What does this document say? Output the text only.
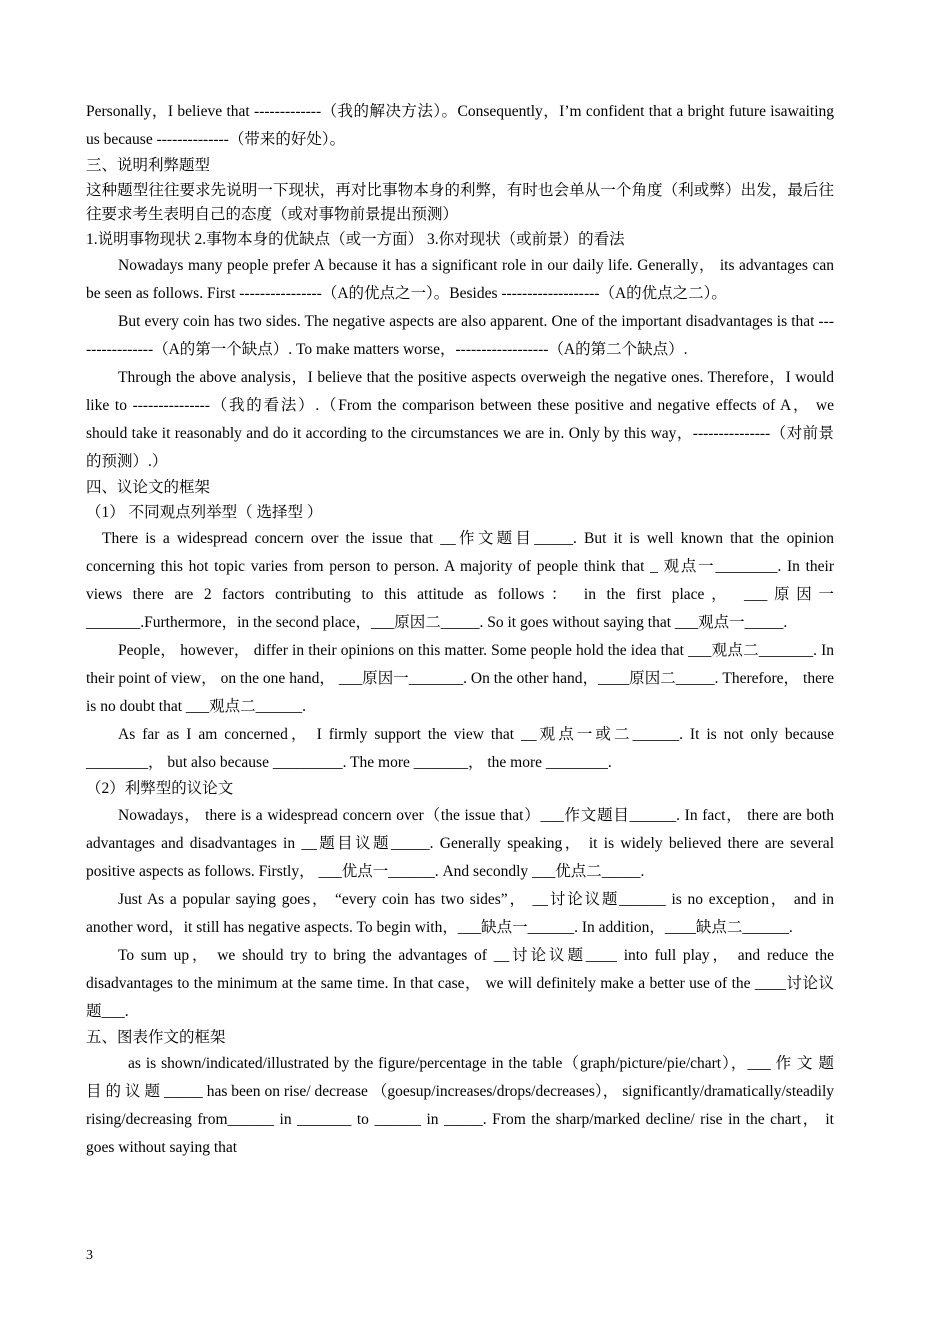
Personally，I believe that -------------（我的解决方法）。Consequently，I’m confident that a bright future isawaiting us because --------------（带来的好处）。

三、说明利弊题型

这种题型往往要求先说明一下现状，再对比事物本身的利弊，有时也会单从一个角度（利或弊）出发，最后往往要求考生表明自己的态度（或对事物前景提出预测）

1.说明事物现状 2.事物本身的优缺点（或一方面） 3.你对现状（或前景）的看法

Nowadays many people prefer A because it has a significant role in our daily life. Generally， its advantages can be seen as follows. First ----------------（A的优点之一）。Besides -------------------（A的优点之二）。

But every coin has two sides. The negative aspects are also apparent. One of the important disadvantages is that ----------------（A的第一个缺点）. To make matters worse，------------------（A的第二个缺点）.

Through the above analysis，I believe that the positive aspects overweigh the negative ones. Therefore，I would like to ---------------（我的看法）.（From the comparison between these positive and negative effects of A， we should take it reasonably and do it according to the circumstances we are in. Only by this way，---------------（对前景的预测）.）

四、议论文的框架

（1） 不同观点列举型（ 选择型 ）

There is a widespread concern over the issue that __作文题目_____. But it is well known that the opinion concerning this hot topic varies from person to person. A majority of people think that _ 观点一________. In their views there are 2 factors contributing to this attitude as follows： in the first place， ___原因一_______.Furthermore，in the second place，___原因二_____. So it goes without saying that ___观点一_____.

People， however， differ in their opinions on this matter. Some people hold the idea that ___观点二_______. In their point of view， on the one hand， ___原因一_______. On the other hand，____原因二_____. Therefore， there is no doubt that ___观点二______.

As far as I am concerned， I firmly support the view that __观点一或二______. It is not only because ________， but also because _________. The more _______， the more ________.

（2）利弊型的议论文

Nowadays， there is a widespread concern over（the issue that）___作文题目______. In fact， there are both advantages and disadvantages in __题目议题_____. Generally speaking， it is widely believed there are several positive aspects as follows. Firstly， ___优点一______. And secondly ___优点二_____.

Just As a popular saying goes， “every coin has two sides”， __讨论议题______ is no exception， and in another word，it still has negative aspects. To begin with，___缺点一______. In addition，____缺点二______.

To sum up， we should try to bring the advantages of __讨论议题____ into full play， and reduce the disadvantages to the minimum at the same time. In that case， we will definitely make a better use of the ____讨论议题___.

五、图表作文的框架

as is shown/indicated/illustrated by the figure/percentage in the table（graph/picture/pie/chart），___ 作 文 题 目 的 议 题 _____ has been on rise/ decrease （goesup/increases/drops/decreases）， significantly/dramatically/steadily rising/decreasing from______ in _______ to ______ in _____. From the sharp/marked decline/ rise in the chart， it goes without saying that

3
